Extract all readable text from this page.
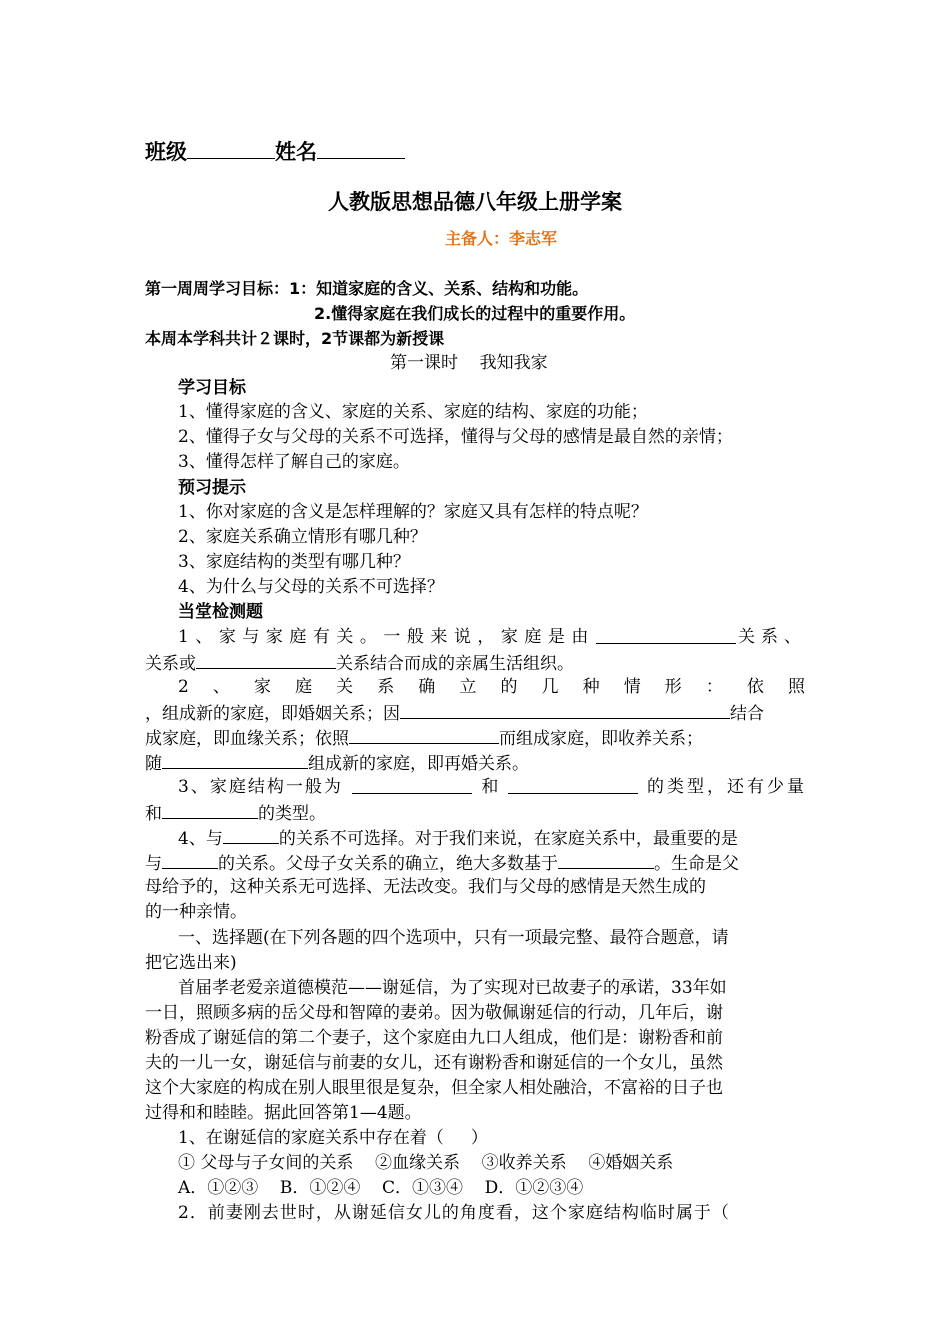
班级	姓名
人教版思想品德八年级上册学案
主备人：李志军
第一周周学习目标：1：知道家庭的含义、关系、结构和功能。
2.懂得家庭在我们成长的过程中的重要作用。
本周本学科共计２课时，2节课都为新授课
第一课时    我知我家
学习目标
1、懂得家庭的含义、家庭的关系、家庭的结构、家庭的功能；
2、懂得子女与父母的关系不可选择，懂得与父母的感情是最自然的亲情；
3、懂得怎样了解自己的家庭。
预习提示
1、你对家庭的含义是怎样理解的？家庭又具有怎样的特点呢？
2、家庭关系确立情形有哪几种？
3、家庭结构的类型有哪几种？
4、为什么与父母的关系不可选择？
当堂检测题
1、家与家庭有关。一般来说，家庭是由	关系、
关系或	关系结合而成的亲属生活组织。
2 、 家 庭 关 系 确 立 的 几 种 情 形 ： 依 照
，组成新的家庭，即婚姻关系；因	结合
成家庭，即血缘关系；依照	而组成家庭，即收养关系；
随	组成新的家庭，即再婚关系。
3、家庭结构一般为	和	的类型，还有少量
和	的类型。
4、与	的关系不可选择。对于我们来说，在家庭关系中，最重要的是
与	的关系。父母子女关系的确立，绝大多数基于	。生命是父
母给予的，这种关系无可选择、无法改变。我们与父母的感情是天然生成的
的一种亲情。
一、选择题(在下列各题的四个选项中，只有一项最完整、最符合题意，请
把它选出来)
首届孝老爱亲道德模范——谢延信，为了实现对已故妻子的承诺，33年如
一日，照顾多病的岳父母和智障的妻弟。因为敬佩谢延信的行动，几年后，谢
粉香成了谢延信的第二个妻子，这个家庭由九口人组成，他们是：谢粉香和前
夫的一儿一女，谢延信与前妻的女儿，还有谢粉香和谢延信的一个女儿，虽然
这个大家庭的构成在别人眼里很是复杂，但全家人相处融洽，不富裕的日子也
过得和和睦睦。据此回答第1—4题。
1、在谢延信的家庭关系中存在着（     ）
① 父母与子女间的关系    ②血缘关系    ③收养关系    ④婚姻关系
A．①②③    B．①②④    C．①③④    D．①②③④
2．前妻刚去世时，从谢延信女儿的角度看，这个家庭结构临时属于（
